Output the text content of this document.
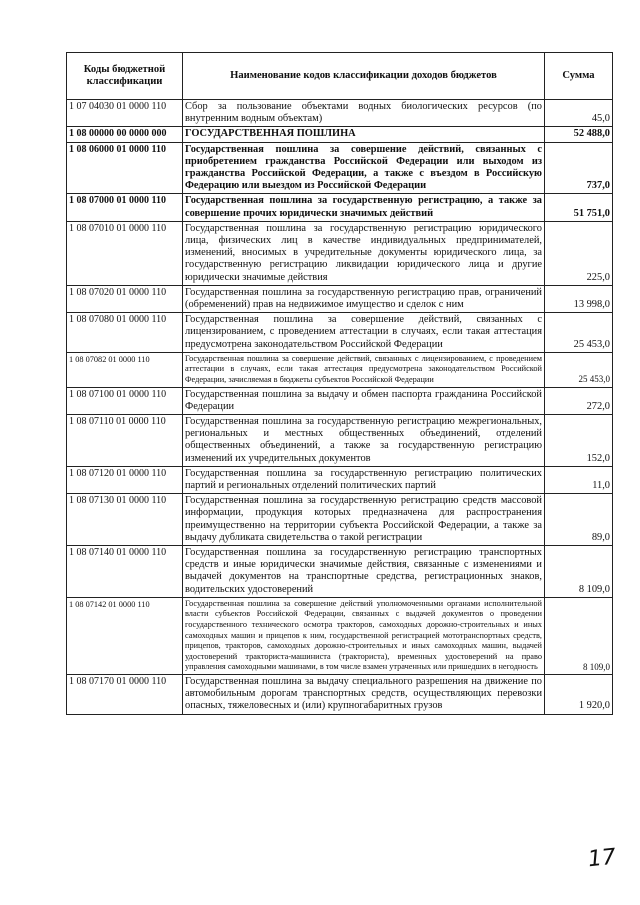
Коды бюджетной классификации	Наименование кодов классификации доходов бюджетов	Сумма
1 07 04030 01 0000 110	Сбор за пользование объектами водных биологических ресурсов (по внутренним водным объектам)	45,0
1 08 00000 00 0000 000	ГОСУДАРСТВЕННАЯ ПОШЛИНА	52 488,0
1 08 06000 01 0000 110	Государственная пошлина за совершение действий, связанных с приобретением гражданства Российской Федерации или выходом из гражданства Российской Федерации, а также с въездом в Российскую Федерацию или выездом из Российской Федерации	737,0
1 08 07000 01 0000 110	Государственная пошлина за государственную регистрацию, а также за совершение прочих юридически значимых действий	51 751,0
1 08 07010 01 0000 110	Государственная пошлина за государственную регистрацию юридического лица, физических лиц в качестве индивидуальных предпринимателей, изменений, вносимых в учредительные документы юридического лица, за государственную регистрацию ликвидации юридического лица и другие юридически значимые действия	225,0
1 08 07020 01 0000 110	Государственная пошлина за государственную регистрацию прав, ограничений (обременений) прав на недвижимое имущество и сделок с ним	13 998,0
1 08 07080 01 0000 110	Государственная пошлина за совершение действий, связанных с лицензированием, с проведением аттестации в случаях, если такая аттестация предусмотрена законодательством Российской Федерации	25 453,0
1 08 07082 01 0000 110	Государственная пошлина за совершение действий, связанных с лицензированием, с проведением аттестации в случаях, если такая аттестация предусмотрена законодательством Российской Федерации, зачисляемая в бюджеты субъектов Российской Федерации	25 453,0
1 08 07100 01 0000 110	Государственная пошлина за выдачу и обмен паспорта гражданина Российской Федерации	272,0
1 08 07110 01 0000 110	Государственная пошлина за государственную регистрацию межрегиональных, региональных и местных общественных объединений, отделений общественных объединений, а также за государственную регистрацию изменений их учредительных документов	152,0
1 08 07120 01 0000 110	Государственная пошлина за государственную регистрацию политических партий и региональных отделений политических партий	11,0
1 08 07130 01 0000 110	Государственная пошлина за государственную регистрацию средств массовой информации, продукция которых предназначена для распространения преимущественно на территории субъекта Российской Федерации, а также за выдачу дубликата свидетельства о такой регистрации	89,0
1 08 07140 01 0000 110	Государственная пошлина за государственную регистрацию транспортных средств и иные юридически значимые действия, связанные с изменениями и выдачей документов на транспортные средства, регистрационных знаков, водительских удостоверений	8 109,0
1 08 07142 01 0000 110	Государственная пошлина за совершение действий уполномоченными органами исполнительной власти субъектов Российской Федерации, связанных с выдачей документов о проведении государственного технического осмотра тракторов, самоходных дорожно-строительных и иных самоходных машин и прицепов к ним, государственной регистрацией мототранспортных средств, прицепов, тракторов, самоходных дорожно-строительных и иных самоходных машин, выдачей удостоверений тракториста-машиниста (тракториста), временных удостоверений на право управления самоходными машинами, в том числе взамен утраченных или пришедших в негодность	8 109,0
1 08 07170 01 0000 110	Государственная пошлина за выдачу специального разрешения на движение по автомобильным дорогам транспортных средств, осуществляющих перевозки опасных, тяжеловесных и (или) крупногабаритных грузов	1 920,0
17
